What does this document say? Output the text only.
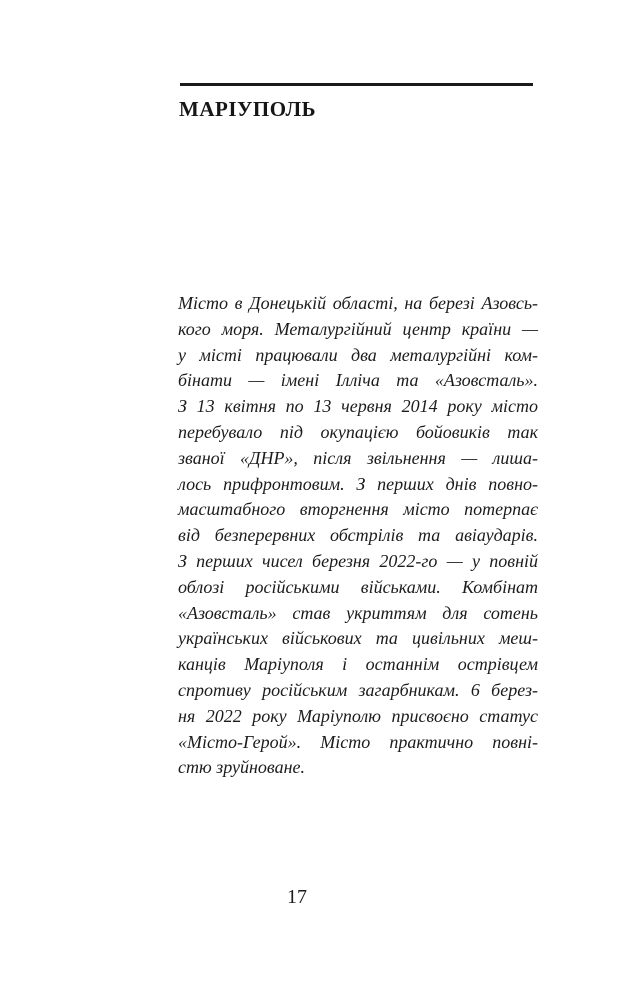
МАРІУПОЛЬ
Місто в Донецькій області, на березі Азовсь-
кого моря. Металургійний центр країни —
у місті працювали два металургійні ком-
бінати — імені Ілліча та «Азовсталь».
З 13 квітня по 13 червня 2014 року місто
перебувало під окупацією бойовиків так
званої «ДНР», після звільнення — лиша-
лось прифронтовим. З перших днів повно-
масштабного вторгнення місто потерпає
від безперервних обстрілів та авіаударів.
З перших чисел березня 2022-го — у повній
облозі російськими військами. Комбінат
«Азовсталь» став укриттям для сотень
українських військових та цивільних меш-
канців Маріуполя і останнім острівцем
спротиву російським загарбникам. 6 берез-
ня 2022 року Маріуполю присвоєно статус
«Місто-Герой». Місто практично повні-
стю зруйноване.
17
